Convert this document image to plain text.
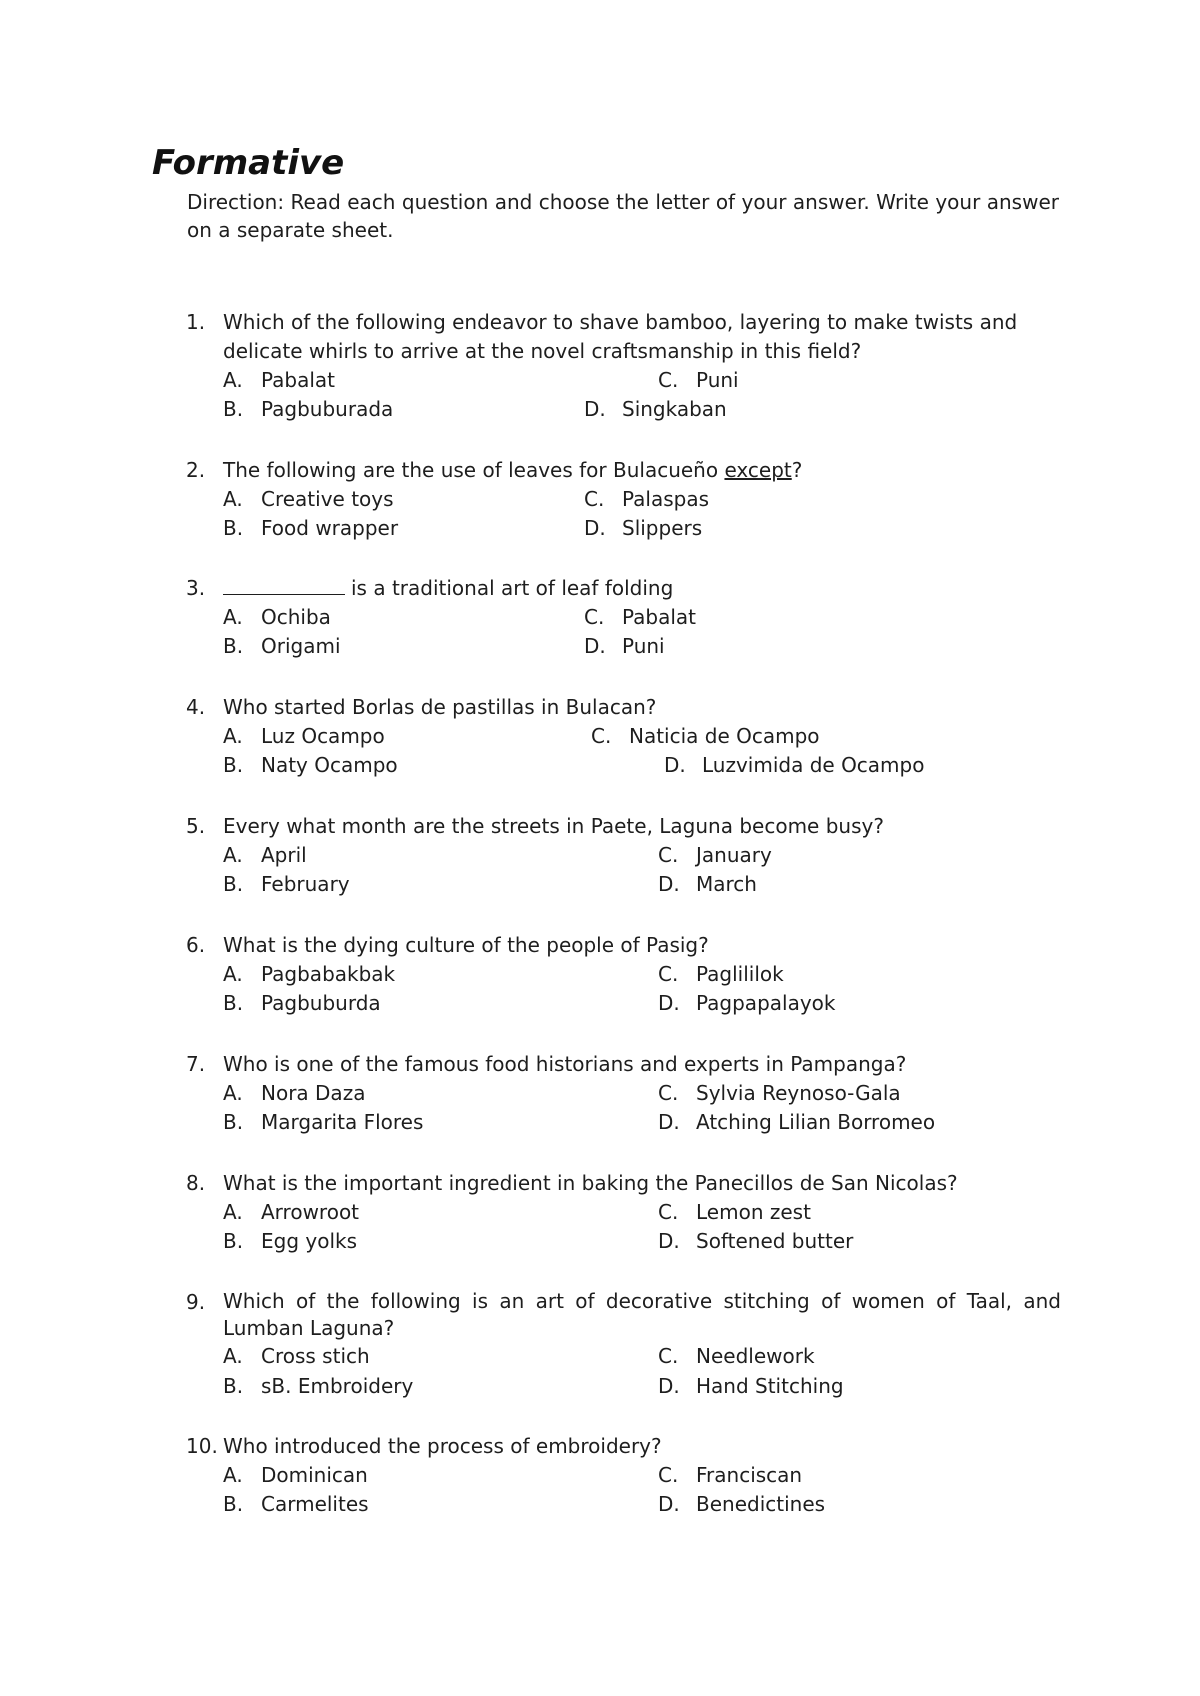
Formative

Direction: Read each question and choose the letter of your answer. Write your answer on a separate sheet.

1. Which of the following endeavor to shave bamboo, layering to make twists and delicate whirls to arrive at the novel craftsmanship in this field?

A. Pabalat
B. Pagbuburada
C. Puni
D. Singkaban
2. The following are the use of leaves for Bulacueño except?

A. Creative toys
B. Food wrapper
C. Palaspas
D. Slippers
3.	is a traditional art of leaf folding

A. Ochiba
B. Origami
C. Pabalat
D. Puni
4. Who started Borlas de pastillas in Bulacan?

A. Luz Ocampo
B. Naty Ocampo
C. Naticia de Ocampo
D. Luzvimida de Ocampo
5. Every what month are the streets in Paete, Laguna become busy?

A. April
B. February
C. January
D. March
6. What is the dying culture of the people of Pasig?

A. Pagbabakbak
B. Pagbuburda
C. Paglililok
D. Pagpapalayok
7. Who is one of the famous food historians and experts in Pampanga?

A. Nora Daza
B. Margarita Flores
C. Sylvia Reynoso-Gala
D. Atching Lilian Borromeo
8. What is the important ingredient in baking the Panecillos de San Nicolas?

A. Arrowroot
B. Egg yolks
C. Lemon zest
D. Softened butter
9. Which of the following is an art of decorative stitching of women of Taal, and Lumban Laguna?

A. Cross stich
B. sB. Embroidery
C. Needlework
D. Hand Stitching
10. Who introduced the process of embroidery?

A. Dominican
B. Carmelites
C. Franciscan
D. Benedictines
